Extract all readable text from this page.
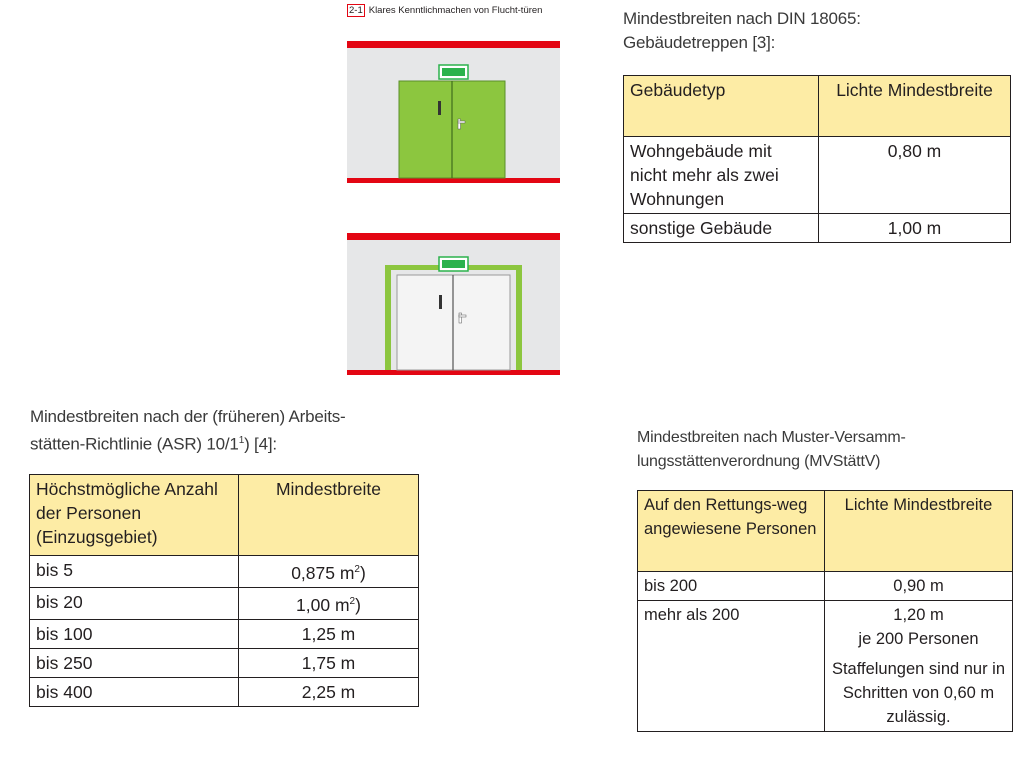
2-1 Klares Kenntlichmachen von Flucht-türen	Mindestbreiten nach DIN 18065:
Gebäudetreppen [3]:
Gebäudetyp	Lichte Mindestbreite
Wohngebäude mit nicht mehr als zwei Wohnungen	0,80 m
sonstige Gebäude	1,00 m
Mindestbreiten nach der (früheren) Arbeits-
stätten-Richtlinie (ASR) $10/1^1$) [4]:
Höchstmögliche Anzahl der Personen (Einzugsgebiet)	Mindestbreite
bis 5	0,875 $m^2$)
bis 20	1,00 $m^2$)
bis 100	1,25 m
bis 250	1,75 m
bis 400	2,25 m
Mindestbreiten nach Muster-Versamm-
lungsstättenverordnung (MVStättV)
Auf den Rettungs-weg angewiesene Personen	Lichte Mindestbreite
bis 200	0,90 m
mehr als 200	1,20 m
je 200 Personen
Staffelungen sind nur in Schritten von 0,60 m zulässig.
